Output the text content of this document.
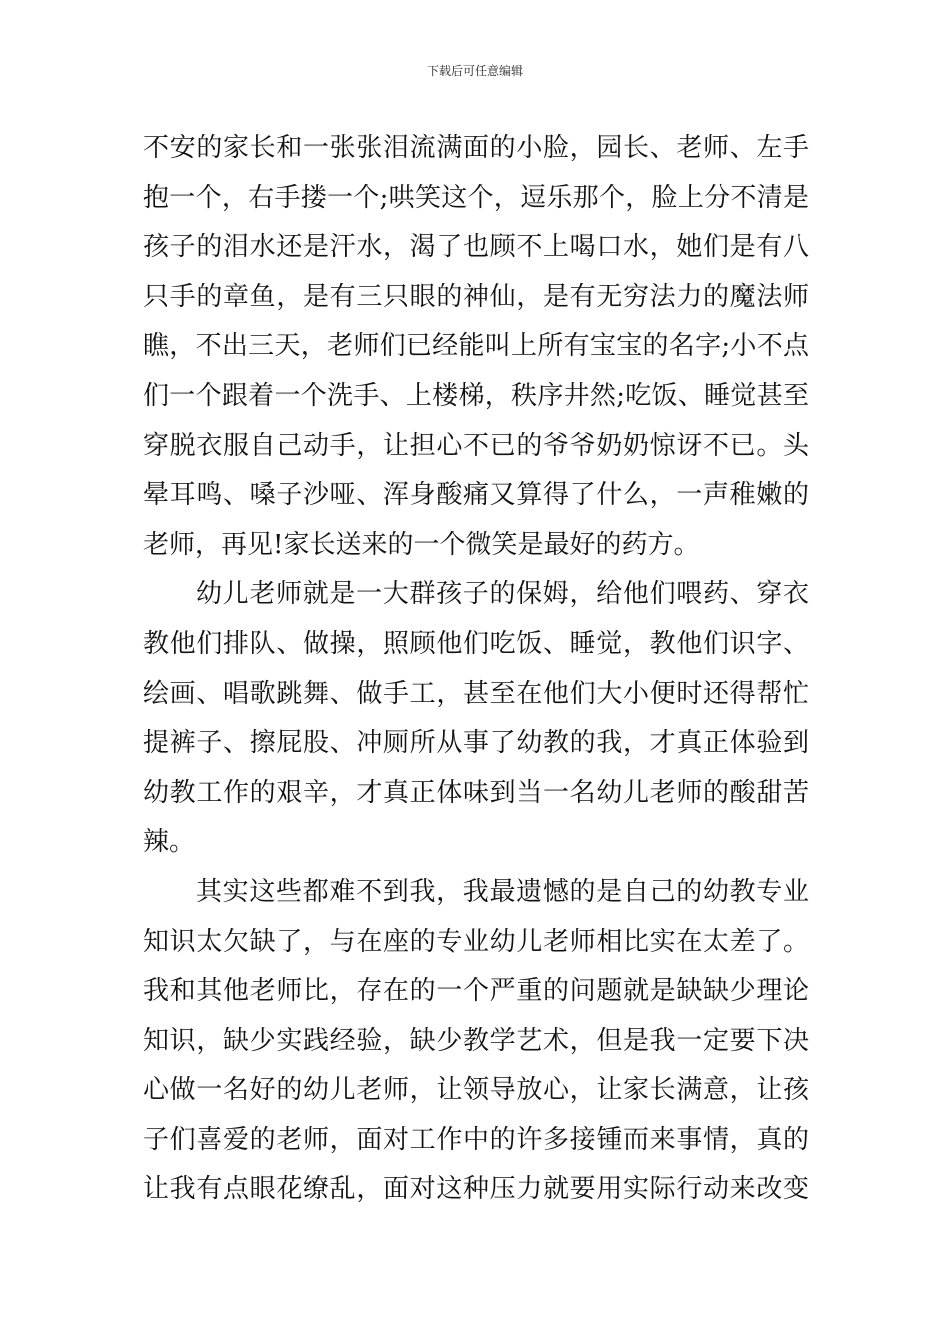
下载后可任意编辑
不安的家长和一张张泪流满面的小脸，园长、老师、左手
抱一个，右手搂一个;哄笑这个，逗乐那个，脸上分不清是
孩子的泪水还是汗水，渴了也顾不上喝口水，她们是有八
只手的章鱼，是有三只眼的神仙，是有无穷法力的魔法师
瞧，不出三天，老师们已经能叫上所有宝宝的名字;小不点
们一个跟着一个洗手、上楼梯，秩序井然;吃饭、睡觉甚至
穿脱衣服自己动手，让担心不已的爷爷奶奶惊讶不已。头
晕耳鸣、嗓子沙哑、浑身酸痛又算得了什么，一声稚嫩的
老师，再见!家长送来的一个微笑是最好的药方。
幼儿老师就是一大群孩子的保姆，给他们喂药、穿衣
教他们排队、做操，照顾他们吃饭、睡觉，教他们识字、
绘画、唱歌跳舞、做手工，甚至在他们大小便时还得帮忙
提裤子、擦屁股、冲厕所从事了幼教的我，才真正体验到
幼教工作的艰辛，才真正体味到当一名幼儿老师的酸甜苦
辣。
其实这些都难不到我，我最遗憾的是自己的幼教专业
知识太欠缺了，与在座的专业幼儿老师相比实在太差了。
我和其他老师比，存在的一个严重的问题就是缺缺少理论
知识，缺少实践经验，缺少教学艺术，但是我一定要下决
心做一名好的幼儿老师，让领导放心，让家长满意，让孩
子们喜爱的老师，面对工作中的许多接锺而来事情，真的
让我有点眼花缭乱，面对这种压力就要用实际行动来改变
